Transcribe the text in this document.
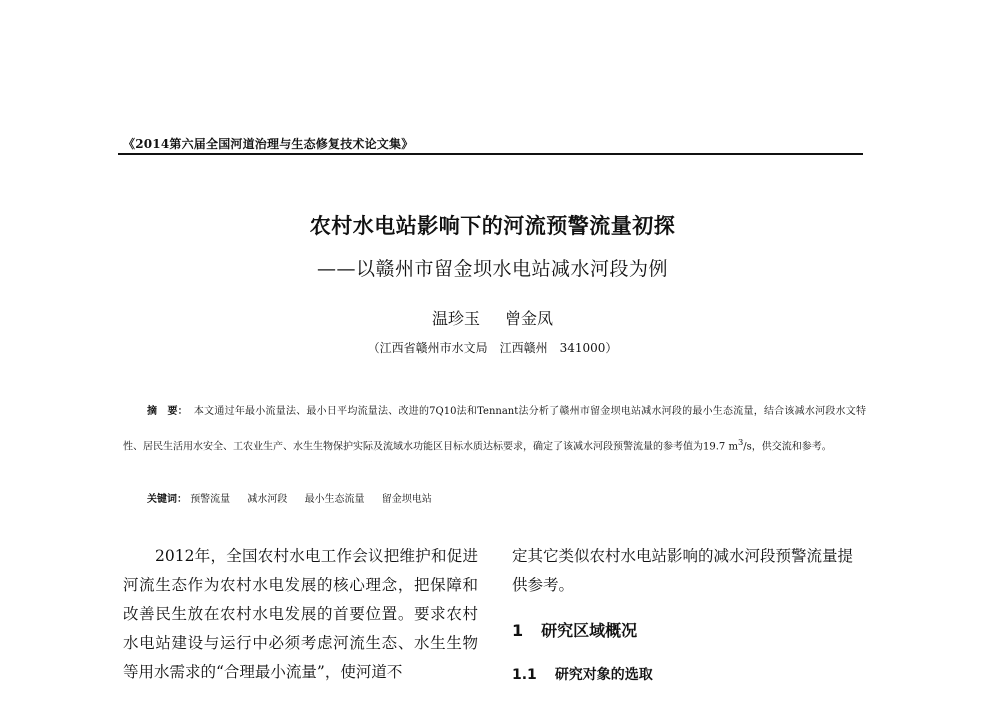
《2014第六届全国河道治理与生态修复技术论文集》
农村水电站影响下的河流预警流量初探
——以赣州市留金坝水电站减水河段为例
温珍玉 曾金凤
（江西省赣州市水文局　江西赣州　341000）
摘　要： 本文通过年最小流量法、最小日平均流量法、改进的7Q10法和Tennant法分析了赣州市留金坝电站减水河段的最小生态流量，结合该减水河段水文特性、居民生活用水安全、工农业生产、水生生物保护实际及流域水功能区目标水质达标要求，确定了该减水河段预警流量的参考值为19.7 $m^3/s$，供交流和参考。
关键词： 预警流量 减水河段 最小生态流量 留金坝电站
2012年，全国农村水电工作会议把维护和促进河流生态作为农村水电发展的核心理念，把保障和改善民生放在农村水电发展的首要位置。要求农村水电站建设与运行中必须考虑河流生态、水生生物等用水需求的“合理最小流量”，使河道不
定其它类似农村水电站影响的减水河段预警流量提供参考。
1 研究区域概况
1.1 研究对象的选取
